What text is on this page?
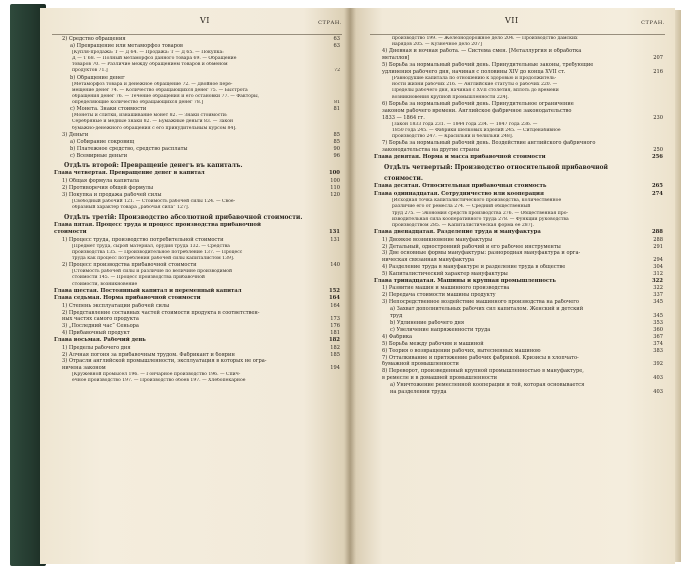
VI	СТРАН.
2) Средство обращения	63
а) Превращение или метаморфоз товаров	63
[Купля-продажа: Т — Д 64. — Продажа: Т — Д 65. — Покупка:
Д — Т 68. — Полный метаморфоз данного товара 69. — Обращение
товаров 70. — Различие между обращением товаров и обменом
продуктов 71.]	72
b) Обращение денег
[Метаморфоз товара и денежное обращение 72. — Двойное пере-
мещение денег 74. — Количество обращающихся денег 75. — Быстрота
обращения денег 76. — Течение обращения и его остановки 77. — Факторы,
определяющие количество обращающихся денег 78.]	81
с) Монета. Знаки стоимости	81
[Монеты и слитки, изнашивание монет 82. — Знаки стоимости:
Серебряные и медные знаки 82. — Бумажные деньги 83. — Закон
бумажно-денежного обращения с его принудительным курсом 84].
3) Деньги	85
а) Собирание сокровищ	85
b) Платежное средство, средство расплаты	90
с) Всемирные деньги	96
Отдѣлъ второй: Превращеніе денегъ въ капиталъ.
Глава четвертая. Превращение денег в капитал	100
1) Общая формула капитала	100
2) Противоречия общей формулы	110
3) Покупка и продажа рабочей силы	120
[Свободный рабочий 121. — Стоимость рабочей силы 124. — Свое-
образный характер товара „рабочая сила“ 127].
Отдѣлъ третій: Производство абсолютной прибавочной стоимости.
Глава пятая. Процесс труда и процесс производства прибавочной
стоимости	131
1) Процесс труда, производство потребительной стоимости	131
[Предмет труда, сырой материал, орудия труда 132. — Средства
производства 135. — Производительное потребление 137. — Процесс
труда как процесс потребления рабочей силы капиталистом 139].
2) Процесс производства прибавочной стоимости	140
[Стоимость рабочей силы и различие по величине производимой
стоимости 145. — Процесс производства прибавочной
стоимости, возникновение
Глава шестая. Постоянный капитал и переменный капитал	152
Глава седьмая. Норма прибавочной стоимости	164
1) Степень эксплуатации рабочей силы	164
2) Представление составных частей стоимости продукта в соответствен-
ных частях самого продукта	173
3) „Последний час“ Сеньора	176
4) Прибавочный продукт	181
Глава восьмая. Рабочий день	182
1) Пределы рабочего дня	182
2) Алчная погоня за прибавочным трудом. Фабрикант и боярин	185
3) Отрасли английской промышленности, эксплуатация в которых не огра-
ничена законом	194
[Кружевной промысел 196. — Гончарное производство 196. — Спич-
ечное производство 197. — Производство обоев 197. — Хлебопекарное
VII	СТРАН.
производство 199. — Железнодорожное дело 204. — Производство дамских
нарядов 205. — Кузнечное дело 207]
4) Дневная и ночная работа. — Система смен. [Металлургия и обработка
металлов]	207
5) Борьба за нормальный рабочий день. Принудительные законы, требующие
удлинения рабочего дня, начиная с половины XIV до конца XVII ст.	216
[Равнодушие капитала по отношению к здоровью и продолжитель-
ности жизни рабочих 216. — Английские статуты о рабочих 220. —
Пределы рабочего дня, начиная с XVII столетия, вплоть до времени
возникновения крупной промышленности 224].
6) Борьба за нормальный рабочий день. Принудительное ограничение
законом рабочего времени. Английское фабричное законодательство
1833 — 1864 гг.	230
[Закон 1833 года 231. — 1844 года 234. — 1847 года 236. —
1850 года 245. — Фабрики шелковых изделий 245. — Ситценабивное
производство 247. — Красильни и белильни 248].
7) Борьба за нормальный рабочий день. Воздействие английского фабричного
законодательства на другие страны	250
Глава девятая. Норма и масса прибавочной стоимости	256
Отдѣлъ четвертый: Производство относительной прибавочной
стоимости.
Глава десятая. Относительная прибавочная стоимость	265
Глава одиннадцатая. Сотрудничество или кооперация	274
[Исходная точка капиталистического производства, количественное
различие его от ремесла 274. — Средний общественный
труд 275. — Экономия средств производства 276. — Общественная про-
изводительная сила кооперативного труда 278. — Функции руководства
производством 285. — Капиталистическая форма ее 287].
Глава двенадцатая. Разделение труда и мануфактура	288
1) Двоякое возникновение мануфактуры	288
2) Детальный, одностронний рабочий и его рабочее инструменты	291
3) Две основные формы мануфактуры: разнородная мануфактура и орга-
ническая связанная мануфактура	294
4) Разделение труда в мануфактуре и разделение труда в обществе	304
5) Капиталистический характер мануфактуры	312
Глава тринадцатая. Машины и крупная промышленность	322
1) Развитие машин и машинного производства	322
2) Передача стоимости машины продукту	337
3) Непосредственное воздействие машинного производства на рабочего	345
а) Захват дополнительных рабочих сил капиталом. Женский и детский
труд	345
b) Удлинение рабочего дня	353
с) Увеличение напряженности труда	360
4) Фабрика	367
5) Борьба между рабочим и машиной	374
6) Теория о возвращении рабочих, вытесненных машиною	383
7) Отталкивание и притяжение рабочих фабрикой. Кризисы в хлопчато-
бумажной промышленности	392
8) Переворот, произведенный крупной промышленностью в мануфактуре,
в ремесле и в домашней промышленности	403
а) Уничтожение ремесленной кооперации и той, которая основывается
на разделении труда	403
